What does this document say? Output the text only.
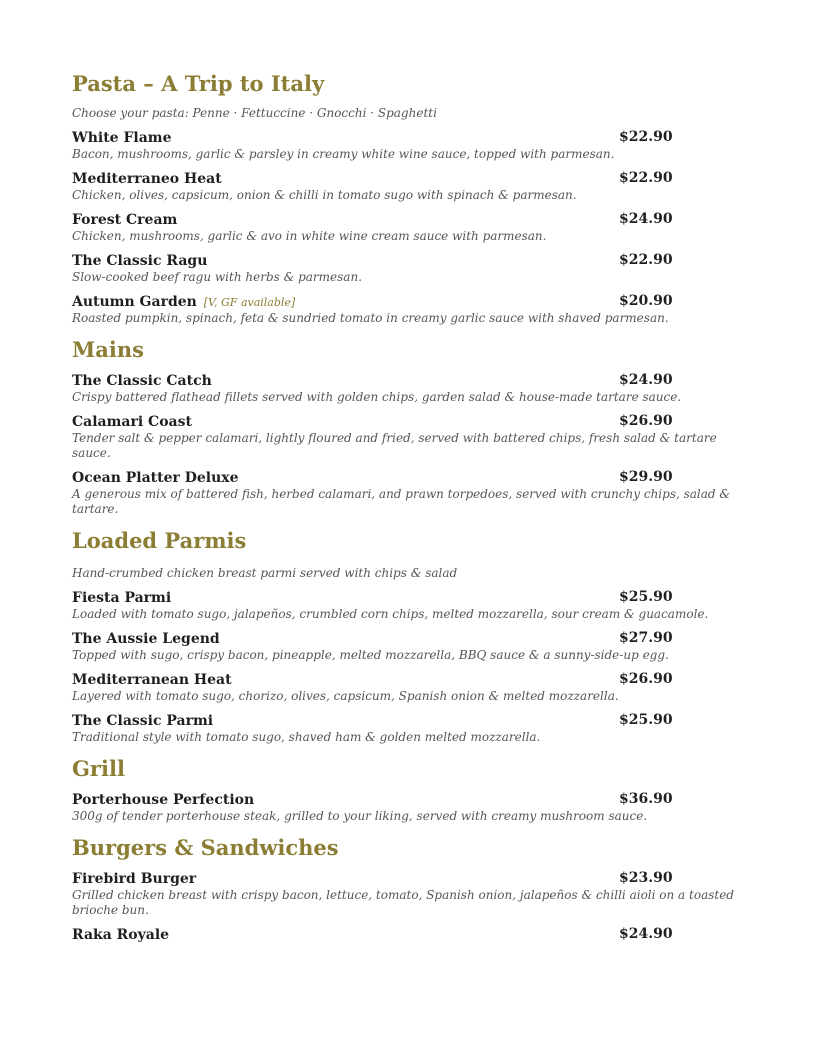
Pasta – A Trip to Italy

Choose your pasta: Penne · Fettuccine · Gnocchi · Spaghetti

White Flame	$22.90

Bacon, mushrooms, garlic & parsley in creamy white wine sauce, topped with parmesan.

Mediterraneo Heat	$22.90

Chicken, olives, capsicum, onion & chilli in tomato sugo with spinach & parmesan.

Forest Cream	$24.90

Chicken, mushrooms, garlic & avo in white wine cream sauce with parmesan.

The Classic Ragu	$22.90

Slow-cooked beef ragu with herbs & parmesan.

Autumn Garden [V, GF available]	$20.90

Roasted pumpkin, spinach, feta & sundried tomato in creamy garlic sauce with shaved parmesan.

Mains
The Classic Catch	$24.90

Crispy battered flathead fillets served with golden chips, garden salad & house-made tartare sauce.

Calamari Coast	$26.90

Tender salt & pepper calamari, lightly floured and fried, served with battered chips, fresh salad & tartare sauce.

Ocean Platter Deluxe	$29.90

A generous mix of battered fish, herbed calamari, and prawn torpedoes, served with crunchy chips, salad & tartare.

Loaded Parmis

Hand-crumbed chicken breast parmi served with chips & salad

Fiesta Parmi	$25.90

Loaded with tomato sugo, jalapeños, crumbled corn chips, melted mozzarella, sour cream & guacamole.

The Aussie Legend	$27.90

Topped with sugo, crispy bacon, pineapple, melted mozzarella, BBQ sauce & a sunny-side-up egg.

Mediterranean Heat	$26.90

Layered with tomato sugo, chorizo, olives, capsicum, Spanish onion & melted mozzarella.

The Classic Parmi	$25.90

Traditional style with tomato sugo, shaved ham & golden melted mozzarella.

Grill
Porterhouse Perfection	$36.90

300g of tender porterhouse steak, grilled to your liking, served with creamy mushroom sauce.

Burgers & Sandwiches
Firebird Burger	$23.90

Grilled chicken breast with crispy bacon, lettuce, tomato, Spanish onion, jalapeños & chilli aioli on a toasted brioche bun.

Raka Royale	$24.90
